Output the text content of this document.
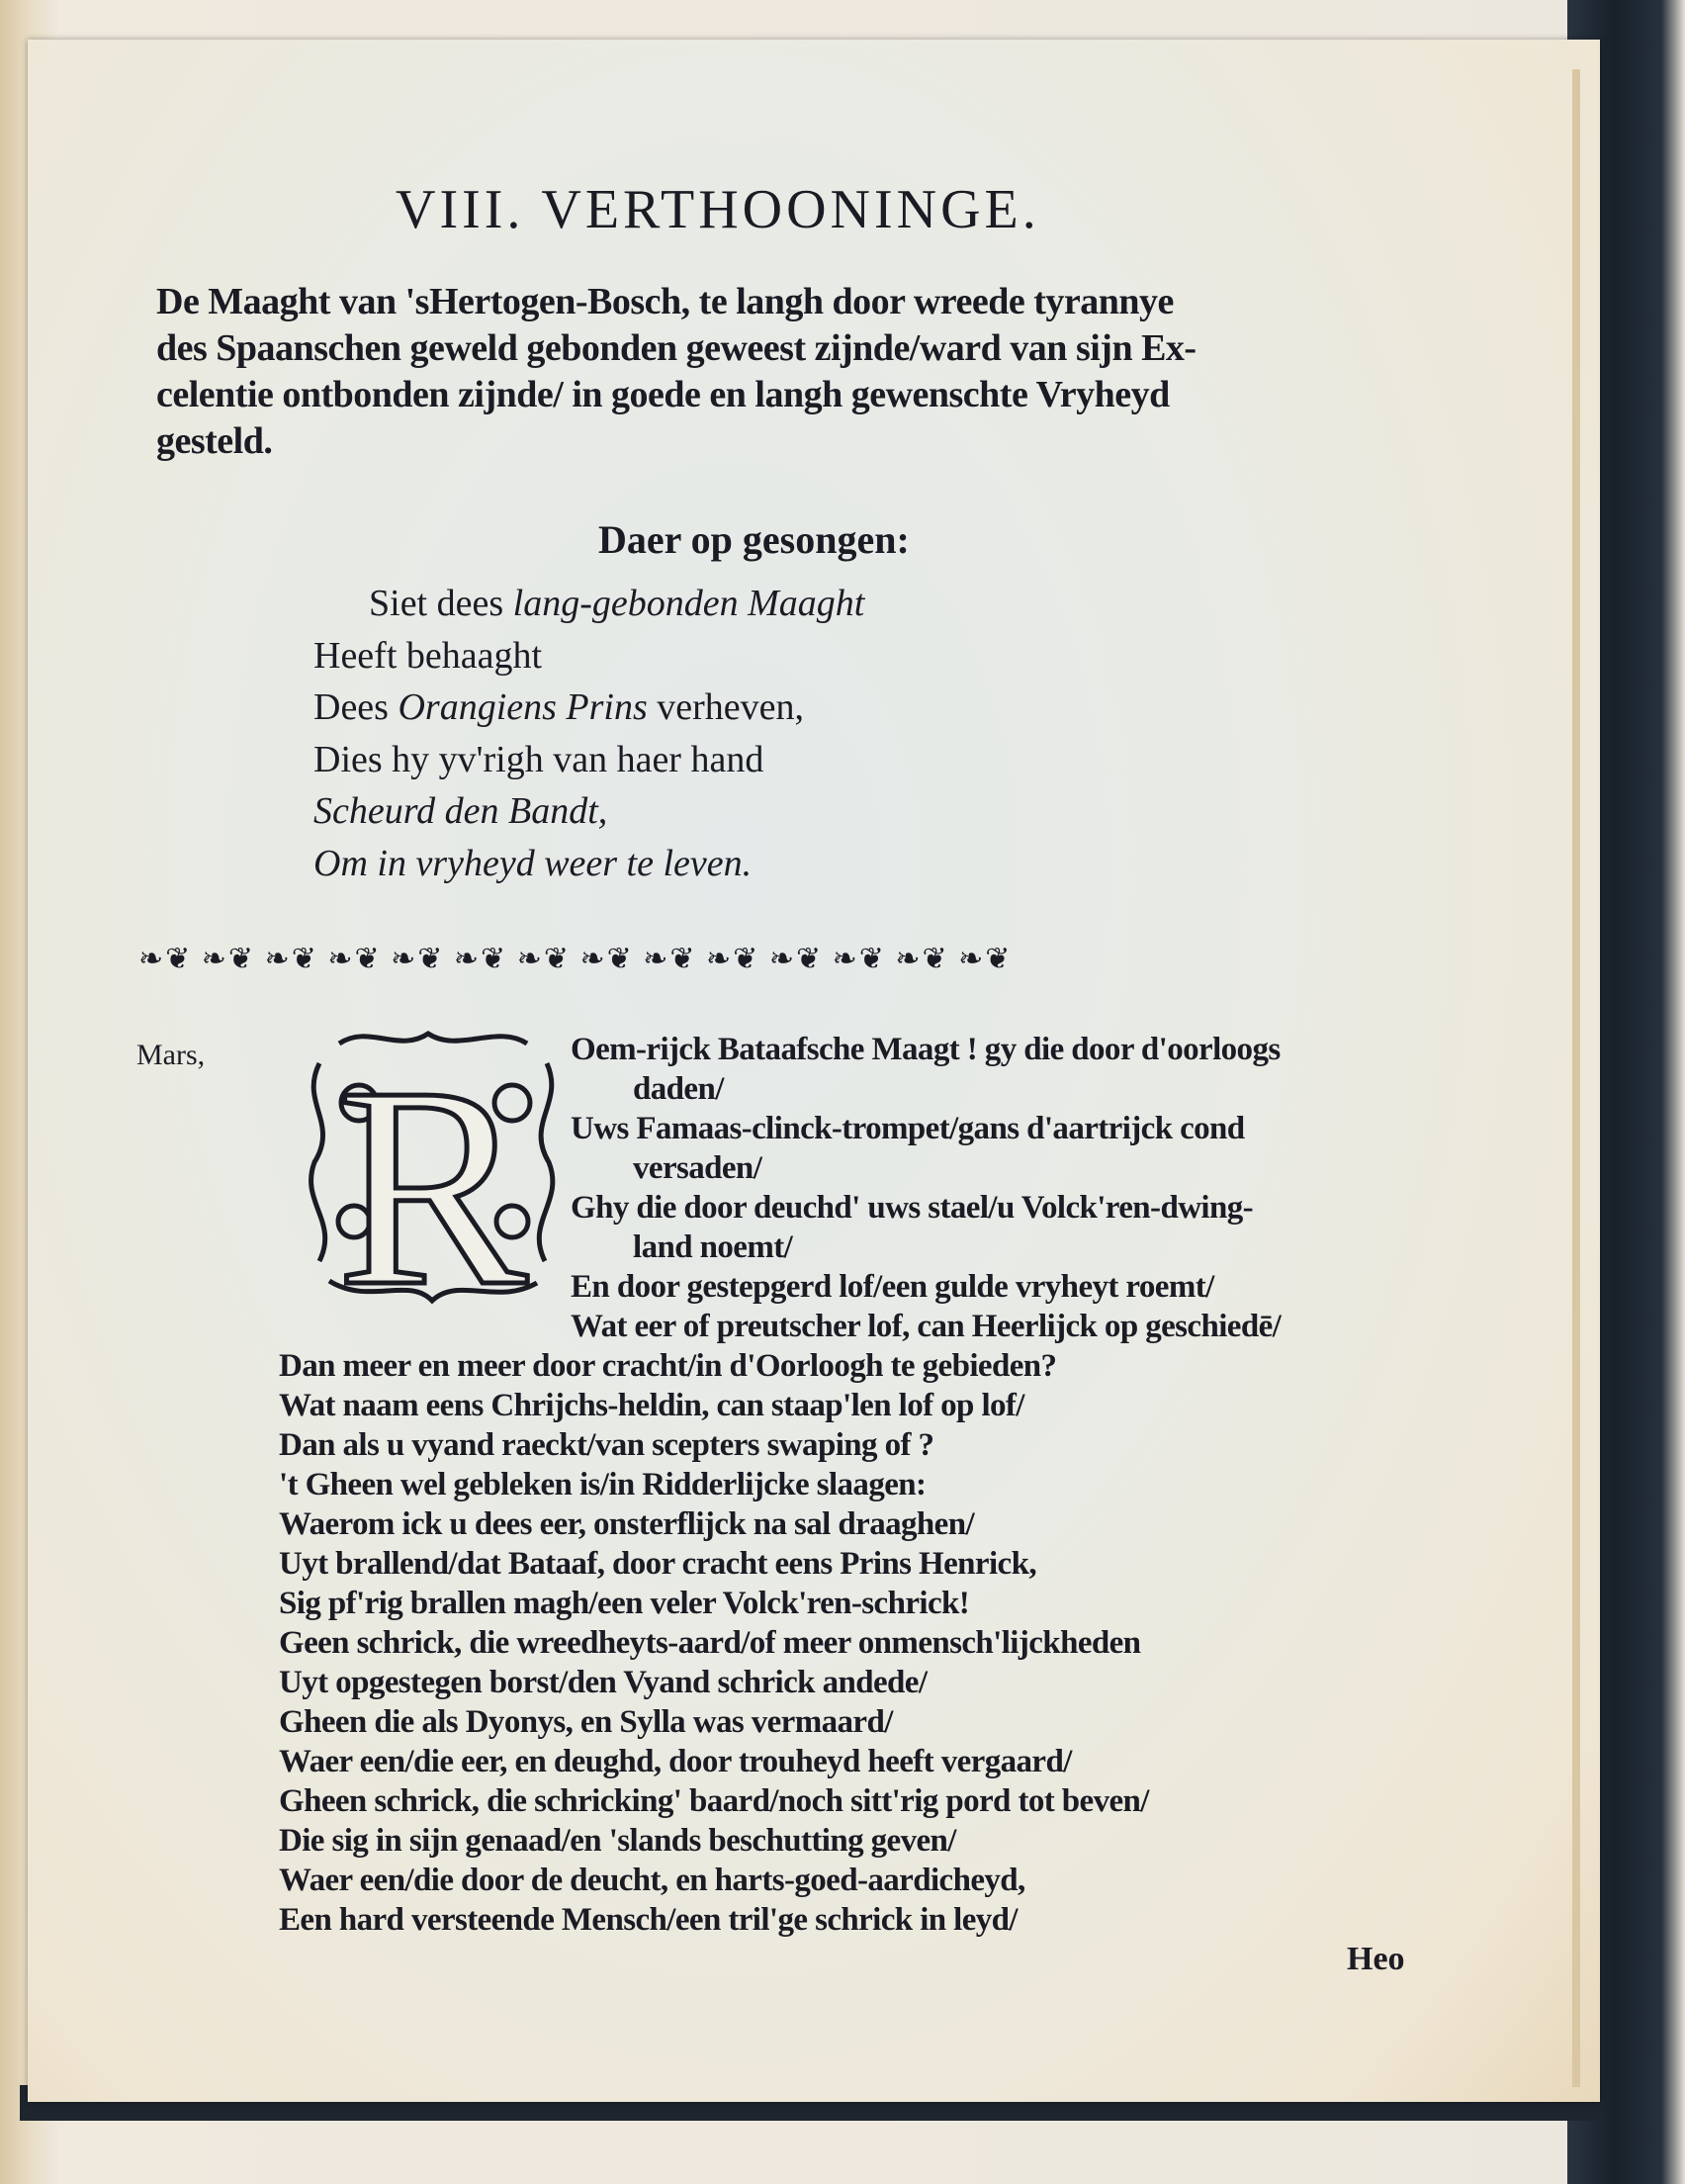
VIII. VERTHOONINGE.
De Maaght van 'sHertogen-Bosch, te langh door wreede tyrannye
des Spaanschen geweld gebonden geweest zijnde/ward van sijn Ex-
celentie ontbonden zijnde/ in goede en langh gewenschte Vryheyd
gesteld.
Daer op gesongen:
Siet dees lang-gebonden Maaght
Heeft behaaght
Dees Orangiens Prins verheven,
Dies hy yv'righ van haer hand
Scheurd den Bandt,
Om in vryheyd weer te leven.
❧❦ ❧❦ ❧❦ ❧❦ ❧❦ ❧❦ ❧❦ ❧❦ ❧❦ ❧❦ ❧❦ ❧❦ ❧❦ ❧❦
Mars, R	Oem-rijck Bataafsche Maagt ! gy die door d'oorloogs
daden/
Uws Famaas-clinck-trompet/gans d'aartrijck cond
versaden/
Ghy die door deuchd' uws stael/u Volck'ren-dwing-
land noemt/
En door gestepgerd lof/een gulde vryheyt roemt/
Wat eer of preutscher lof, can Heerlijck op geschiedē/
Dan meer en meer door cracht/in d'Oorloogh te gebieden?
Wat naam eens Chrijchs-heldin, can staap'len lof op lof/
Dan als u vyand raeckt/van scepters swaping of ?
't Gheen wel gebleken is/in Ridderlijcke slaagen:
Waerom ick u dees eer, onsterflijck na sal draaghen/
Uyt brallend/dat Bataaf, door cracht eens Prins Henrick,
Sig pf'rig brallen magh/een veler Volck'ren-schrick!
Geen schrick, die wreedheyts-aard/of meer onmensch'lijckheden
Uyt opgestegen borst/den Vyand schrick andede/
Gheen die als Dyonys, en Sylla was vermaard/
Waer een/die eer, en deughd, door trouheyd heeft vergaard/
Gheen schrick, die schricking' baard/noch sitt'rig pord tot beven/
Die sig in sijn genaad/en 'slands beschutting geven/
Waer een/die door de deucht, en harts-goed-aardicheyd,
Een hard versteende Mensch/een tril'ge schrick in leyd/
Heo
